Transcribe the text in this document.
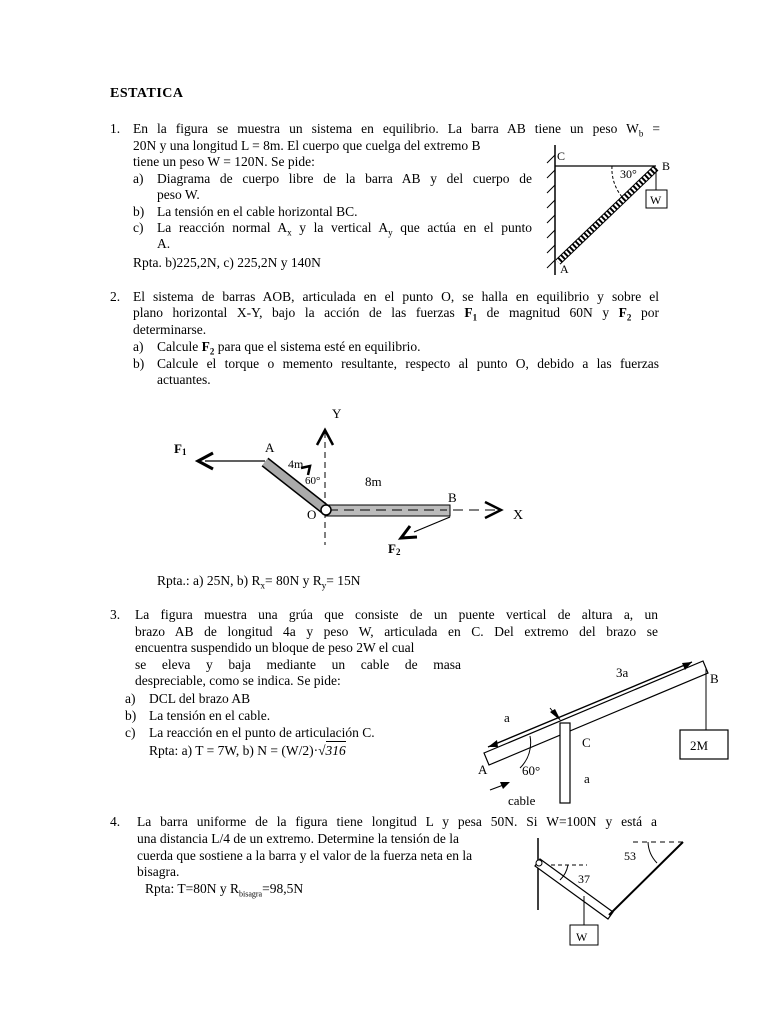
ESTATICA
1. En la figura se muestra un sistema en equilibrio. La barra AB tiene un peso $W_b$ =
20N y una longitud L = 8m. El cuerpo que cuelga del extremo B
tiene un peso W = 120N. Se pide:
a) Diagrama de cuerpo libre de la barra AB y del cuerpo de
peso W.
b) La tensión en el cable horizontal BC.
c) La reacción normal $A_x$ y la vertical $A_y$ que actúa en el punto
A.
Rpta. b)225,2N, c) 225,2N y 140N
C
B
A
30°
W
2. El sistema de barras AOB, articulada en el punto O, se halla en equilibrio y sobre el
plano horizontal X-Y, bajo la acción de las fuerzas $F_1$ de magnitud 60N y $F_2$ por
determinarse.
a) Calcule $F_2$ para que el sistema esté en equilibrio.
b) Calcule el torque o memento resultante, respecto al punto O, debido a las fuerzas
actuantes.
Y
X
F1
F2
A
O
B
4m
8m
60°
Rpta.: a) 25N, b) $R_x= 80N$ y $R_y= 15N$
3. La figura muestra una grúa que consiste de un puente vertical de altura a, un
brazo AB de longitud 4a y peso W, articulada en C. Del extremo del brazo se
encuentra suspendido un bloque de peso 2W el cual
se eleva y baja mediante un cable de masa
despreciable, como se indica. Se pide:
a) DCL del brazo AB
b) La tensión en el cable.
c) La reacción en el punto de articulación C.
Rpta: a) T = 7W, b) N = (W/2)·√316
3a	B
a
C	2M
A	60°
a
cable
4. La barra uniforme de la figura tiene longitud L y pesa 50N. Si W=100N y está a
una distancia L/4 de un extremo. Determine la tensión de la
cuerda que sostiene a la barra y el valor de la fuerza neta en la
bisagra.
Rpta: T=80N y $R_{bisagra}=98,5N$
53
37
W
